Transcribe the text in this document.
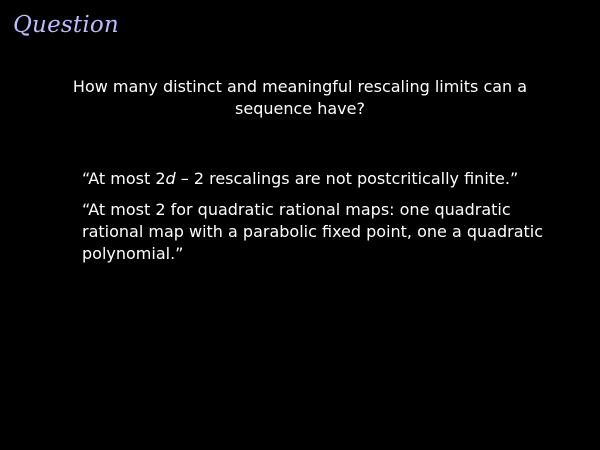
Question
How many distinct and meaningful rescaling limits can a sequence have?

“At most 2d – 2 rescalings are not postcritically finite.”

“At most 2 for quadratic rational maps: one quadratic rational map with a parabolic fixed point, one a quadratic polynomial.”
